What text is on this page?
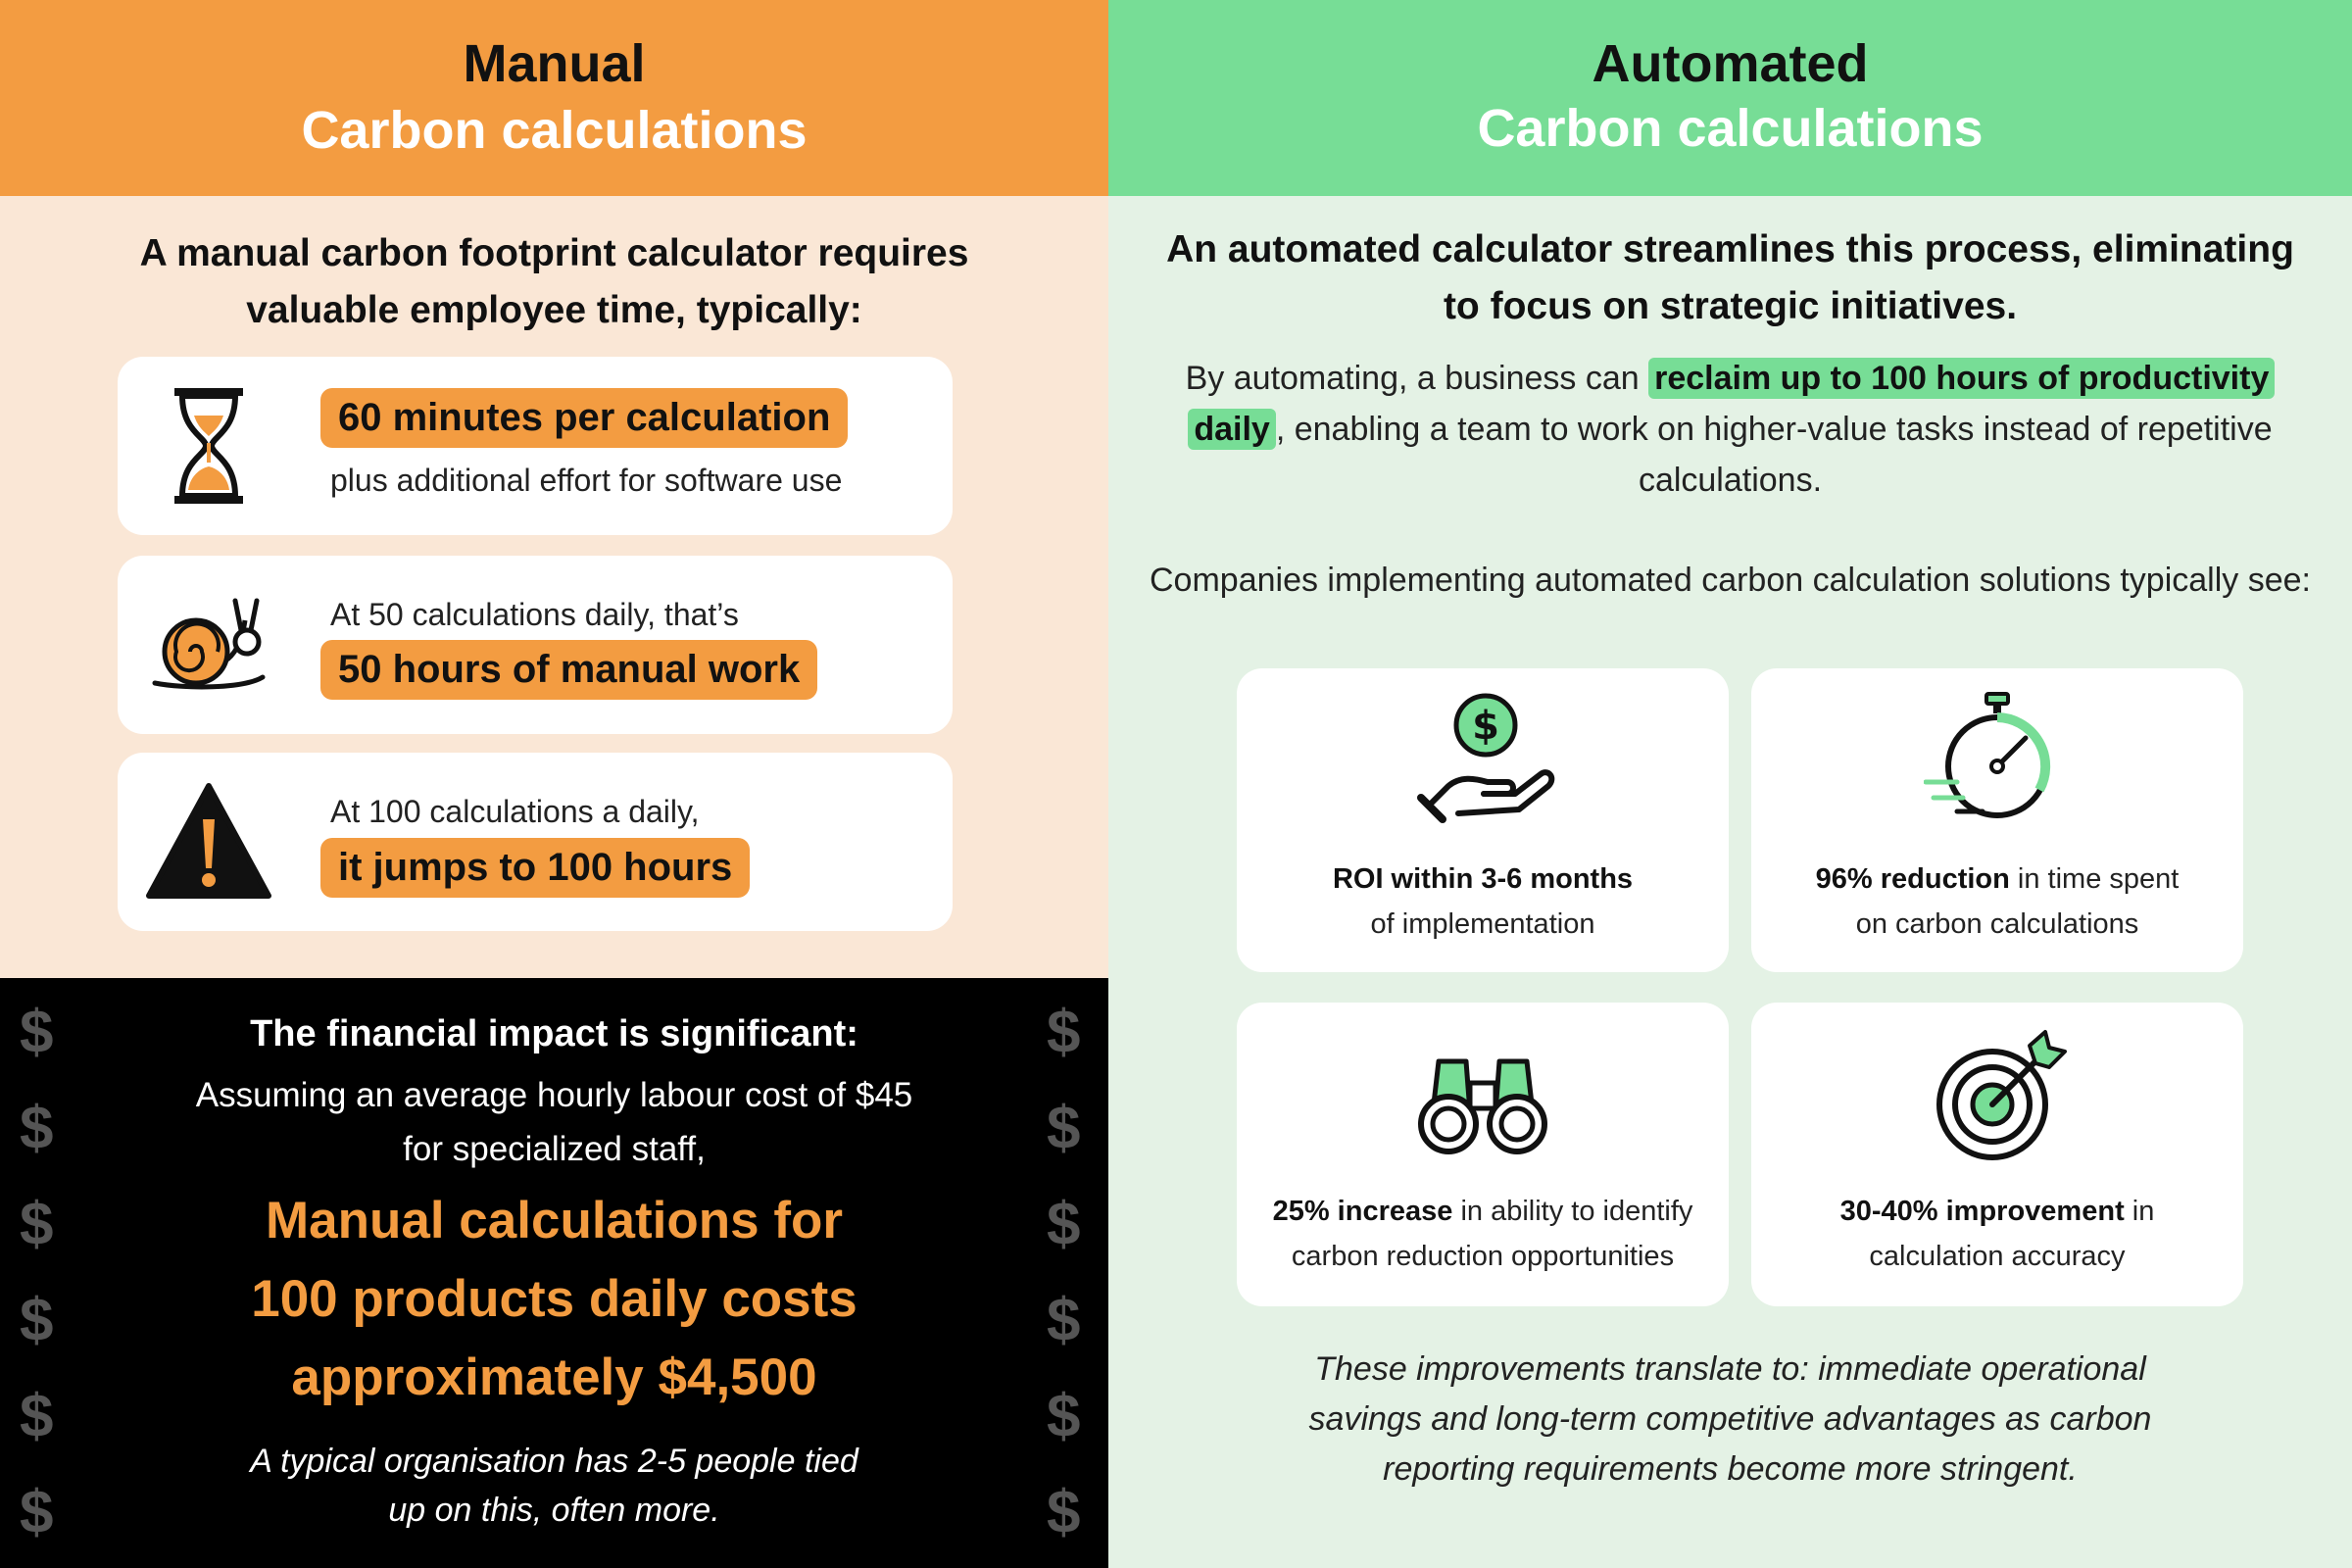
Manual
Carbon calculations
A manual carbon footprint calculator requires
valuable employee time, typically:
60 minutes per calculation
plus additional effort for software use
At 50 calculations daily, that’s
50 hours of manual work
At 100 calculations a daily,
it jumps to 100 hours
$
$
$
$
$
$
$
$
$
$
$
$
The financial impact is significant:
Assuming an average hourly labour cost of $45
for specialized staff,
Manual calculations for
100 products daily costs
approximately $4,500
A typical organisation has 2-5 people tied
up on this, often more.
Automated
Carbon calculations
An automated calculator streamlines this process, eliminating
to focus on strategic initiatives.
By automating, a business can reclaim up to 100 hours of productivity daily , enabling a team to work on higher-value tasks instead of repetitive calculations.
Companies implementing automated carbon calculation solutions typically see:
$
ROI within 3-6 months
of implementation
96% reduction in time spent
on carbon calculations
25% increase in ability to identify
carbon reduction opportunities
30-40% improvement in
calculation accuracy
These improvements translate to: immediate operational
savings and long-term competitive advantages as carbon
reporting requirements become more stringent.
